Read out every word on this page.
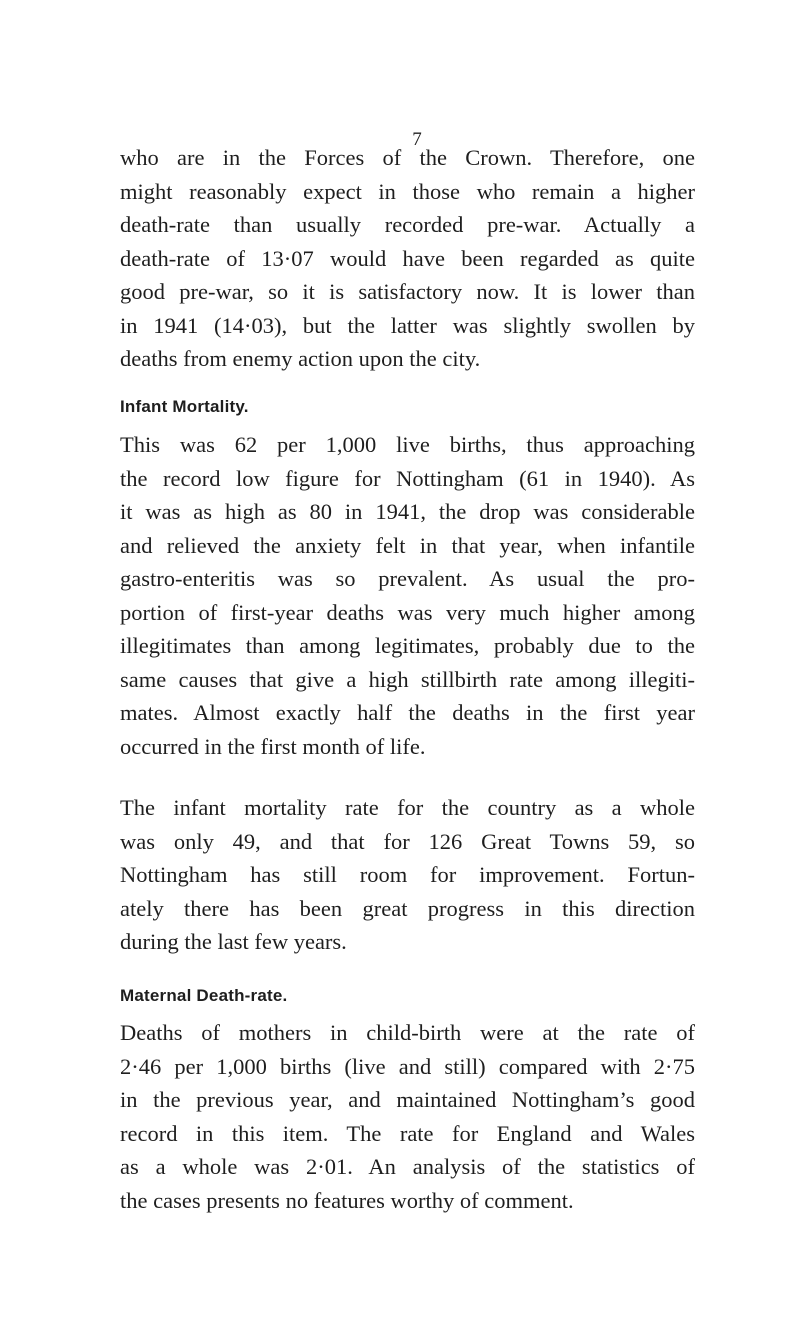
7
who are in the Forces of the Crown. Therefore, one
might reasonably expect in those who remain a higher
death-rate than usually recorded pre-war. Actually a
death-rate of 13·07 would have been regarded as quite
good pre-war, so it is satisfactory now. It is lower than
in 1941 (14·03), but the latter was slightly swollen by
deaths from enemy action upon the city.
Infant Mortality.
This was 62 per 1,000 live births, thus approaching
the record low figure for Nottingham (61 in 1940). As
it was as high as 80 in 1941, the drop was considerable
and relieved the anxiety felt in that year, when infantile
gastro-enteritis was so prevalent. As usual the pro-
portion of first-year deaths was very much higher among
illegitimates than among legitimates, probably due to the
same causes that give a high stillbirth rate among illegiti-
mates. Almost exactly half the deaths in the first year
occurred in the first month of life.
The infant mortality rate for the country as a whole
was only 49, and that for 126 Great Towns 59, so
Nottingham has still room for improvement. Fortun-
ately there has been great progress in this direction
during the last few years.
Maternal Death-rate.
Deaths of mothers in child-birth were at the rate of
2·46 per 1,000 births (live and still) compared with 2·75
in the previous year, and maintained Nottingham’s good
record in this item. The rate for England and Wales
as a whole was 2·01. An analysis of the statistics of
the cases presents no features worthy of comment.
